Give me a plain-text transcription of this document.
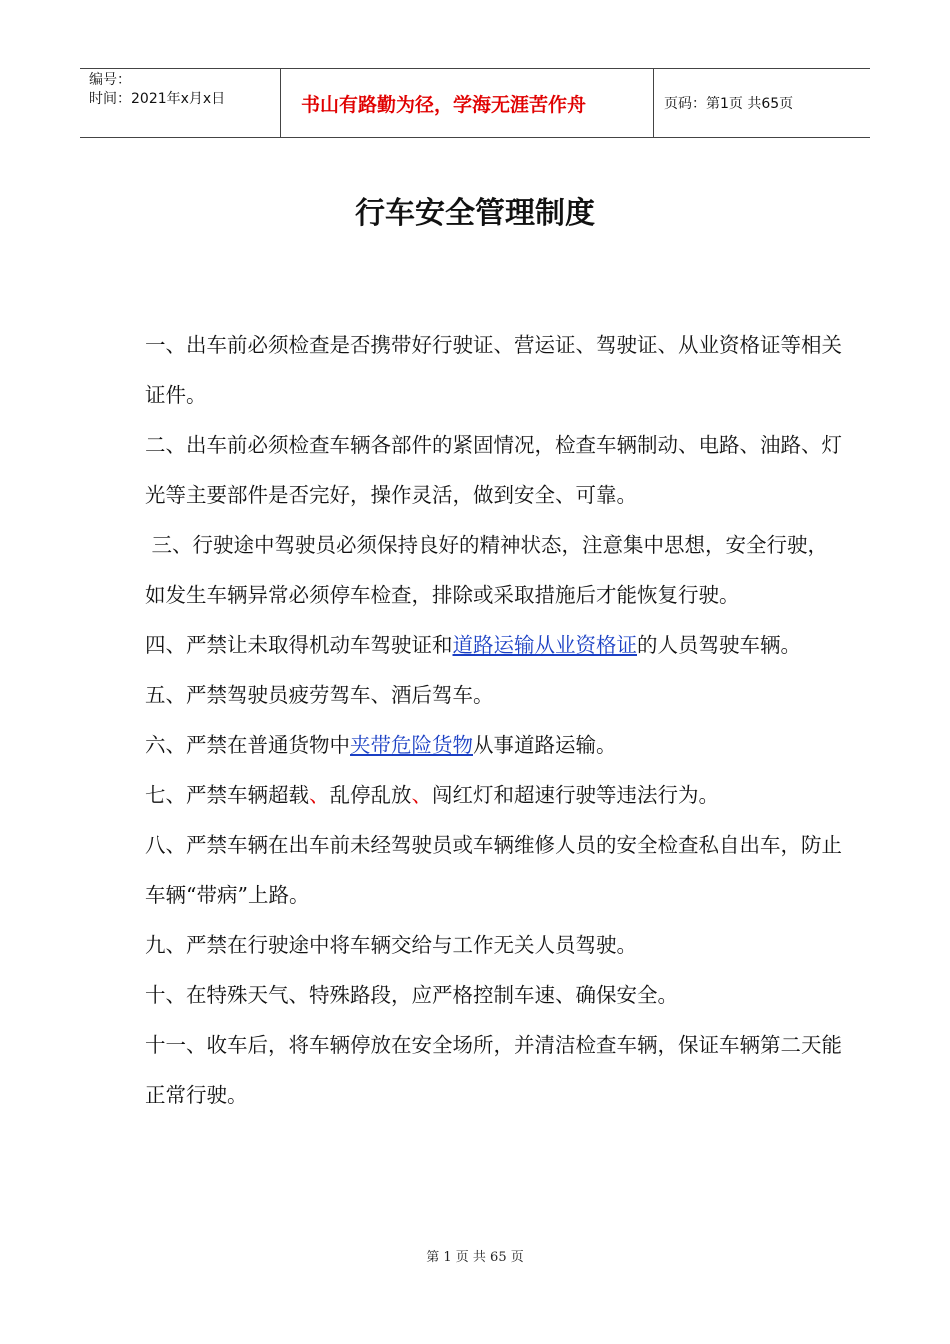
编号：
时间：2021年x月x日	书山有路勤为径，学海无涯苦作舟	页码：第1页 共65页
行车安全管理制度

一、出车前必须检查是否携带好行驶证、营运证、驾驶证、从业资格证等相关证件。

二、出车前必须检查车辆各部件的紧固情况，检查车辆制动、电路、油路、灯光等主要部件是否完好，操作灵活，做到安全、可靠。

三、行驶途中驾驶员必须保持良好的精神状态，注意集中思想，安全行驶，如发生车辆异常必须停车检查，排除或采取措施后才能恢复行驶。

四、严禁让未取得机动车驾驶证和道路运输从业资格证的人员驾驶车辆。

五、严禁驾驶员疲劳驾车、酒后驾车。

六、严禁在普通货物中夹带危险货物从事道路运输。

七、严禁车辆超载、乱停乱放、闯红灯和超速行驶等违法行为。

八、严禁车辆在出车前未经驾驶员或车辆维修人员的安全检查私自出车，防止车辆“带病”上路。

九、严禁在行驶途中将车辆交给与工作无关人员驾驶。

十、在特殊天气、特殊路段，应严格控制车速、确保安全。

十一、收车后，将车辆停放在安全场所，并清洁检查车辆，保证车辆第二天能正常行驶。

第 1 页 共 65 页
